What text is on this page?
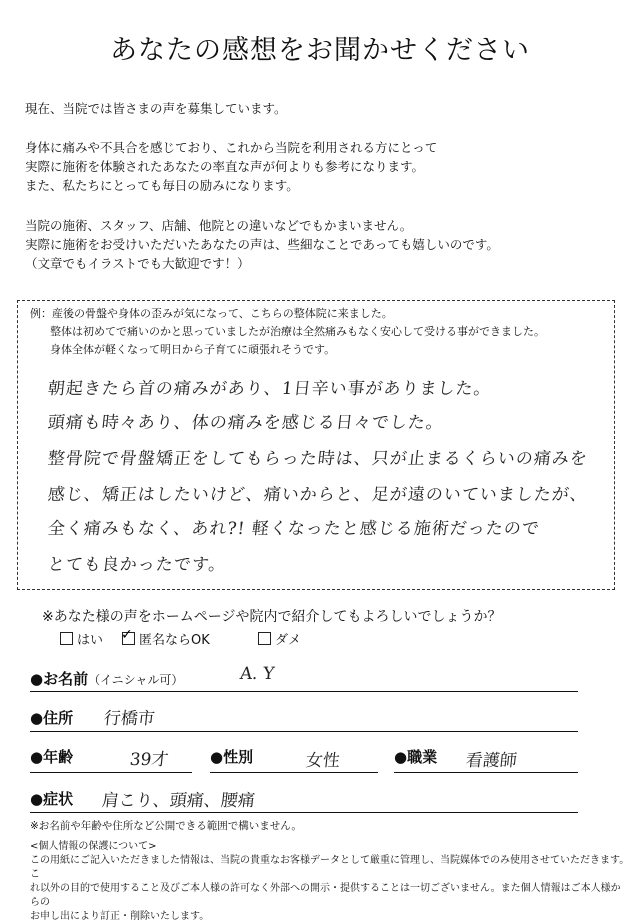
あなたの感想をお聞かせください
現在、当院では皆さまの声を募集しています。
身体に痛みや不具合を感じており、これから当院を利用される方にとって
実際に施術を体験されたあなたの率直な声が何よりも参考になります。
また、私たちにとっても毎日の励みになります。
当院の施術、スタッフ、店舗、他院との違いなどでもかまいません。
実際に施術をお受けいただいたあなたの声は、些細なことであっても嬉しいのです。
（文章でもイラストでも大歓迎です！）
例：産後の骨盤や身体の歪みが気になって、こちらの整体院に来ました。
整体は初めてで痛いのかと思っていましたが治療は全然痛みもなく安心して受ける事ができました。
身体全体が軽くなって明日から子育てに頑張れそうです。
朝起きたら首の痛みがあり、1日辛い事がありました。
頭痛も時々あり、体の痛みを感じる日々でした。
整骨院で骨盤矯正をしてもらった時は、只が止まるくらいの痛みを
感じ、矯正はしたいけど、痛いからと、足が遠のいていましたが、
全く痛みもなく、あれ?! 軽くなったと感じる施術だったので
とても良かったです。
※あなた様の声をホームページや院内で紹介してもよろしいでしょうか？
はい ✓ 匿名ならOK	ダメ
●お名前（イニシャル可）	A. Y
●住所 行橋市
●年齢	39才	●性別	女性	●職業 看護師
●症状 肩こり、頭痛、腰痛
※お名前や年齢や住所など公開できる範囲で構いません。
<個人情報の保護について>
この用紙にご記入いただきました情報は、当院の貴重なお客様データとして厳重に管理し、当院媒体でのみ使用させていただきます。こ
れ以外の目的で使用すること及びご本人様の許可なく外部への開示・提供することは一切ございません。また個人情報はご本人様からの
お申し出により訂正・削除いたします。
